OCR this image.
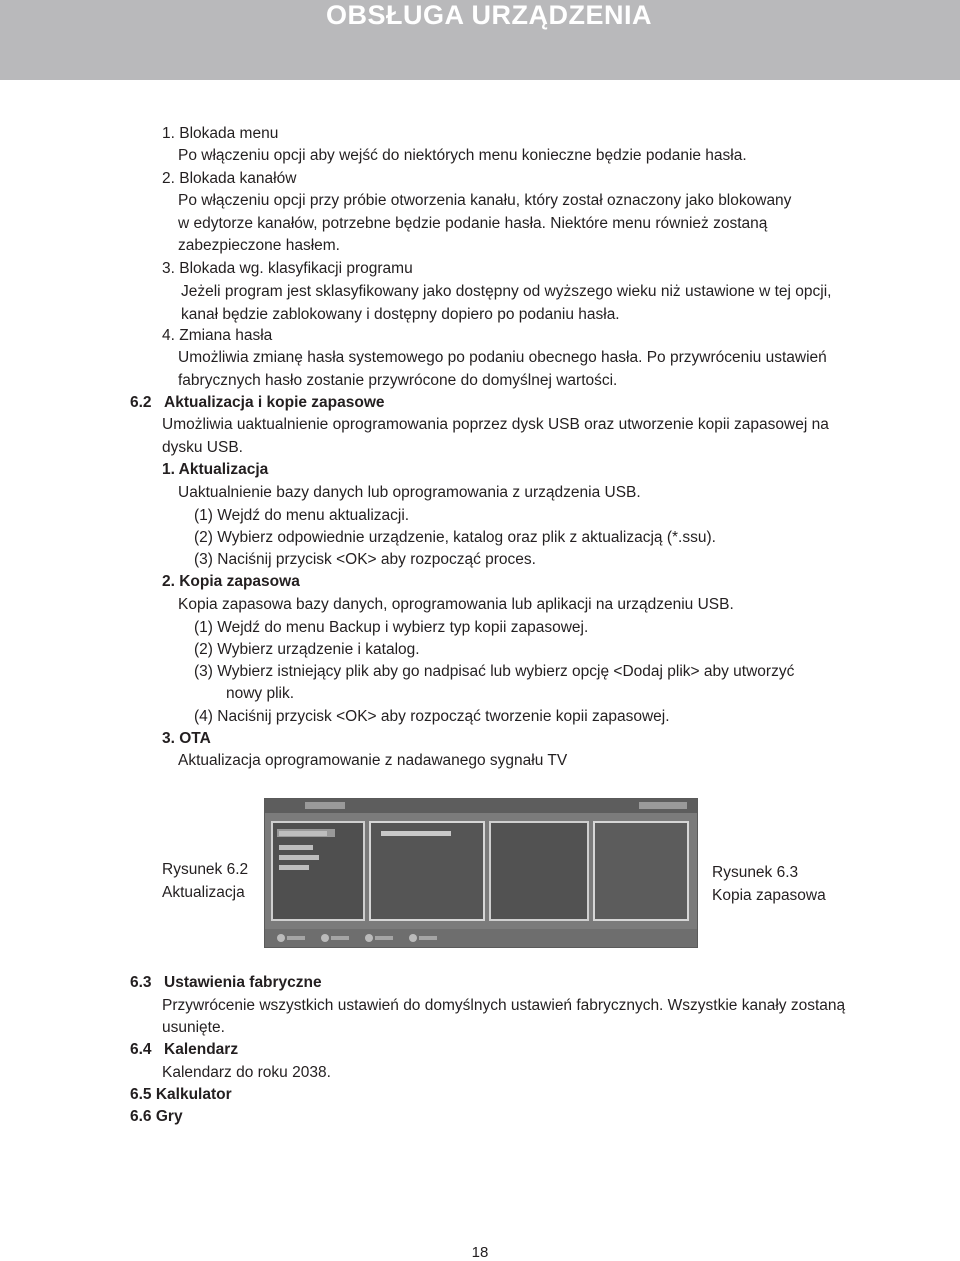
OBSŁUGA URZĄDZENIA
1. Blokada menu
Po włączeniu opcji aby wejść do niektórych menu konieczne będzie podanie hasła.
2. Blokada kanałów
Po włączeniu opcji przy próbie otworzenia kanału, który został oznaczony jako blokowany
w edytorze kanałów, potrzebne będzie podanie hasła. Niektóre menu również zostaną
zabezpieczone hasłem.
3. Blokada wg. klasyfikacji programu
Jeżeli program jest sklasyfikowany jako dostępny od wyższego wieku niż ustawione w tej opcji,
kanał będzie zablokowany i dostępny dopiero po podaniu hasła.
4. Zmiana hasła
Umożliwia zmianę hasła systemowego po podaniu obecnego hasła. Po przywróceniu ustawień
fabrycznych hasło zostanie przywrócone do domyślnej wartości.
6.2 Aktualizacja i kopie zapasowe
Umożliwia uaktualnienie oprogramowania poprzez dysk USB oraz utworzenie kopii zapasowej na
dysku USB.
1. Aktualizacja
Uaktualnienie bazy danych lub oprogramowania z urządzenia USB.
(1) Wejdź do menu aktualizacji.
(2) Wybierz odpowiednie urządzenie, katalog oraz plik z aktualizacją (*.ssu).
(3) Naciśnij przycisk <OK> aby rozpocząć proces.
2. Kopia zapasowa
Kopia zapasowa bazy danych, oprogramowania lub aplikacji na urządzeniu USB.
(1) Wejdź do menu Backup i wybierz typ kopii zapasowej.
(2) Wybierz urządzenie i katalog.
(3) Wybierz istniejący plik aby go nadpisać lub wybierz opcję <Dodaj plik> aby utworzyć
nowy plik.
(4) Naciśnij przycisk <OK> aby rozpocząć tworzenie kopii zapasowej.
3. OTA
Aktualizacja oprogramowanie z nadawanego sygnału TV
Rysunek 6.2
Aktualizacja
Rysunek 6.3
Kopia zapasowa
6.3 Ustawienia fabryczne
Przywrócenie wszystkich ustawień do domyślnych ustawień fabrycznych. Wszystkie kanały zostaną
usunięte.
6.4 Kalendarz
Kalendarz do roku 2038.
6.5 Kalkulator
6.6 Gry
18
